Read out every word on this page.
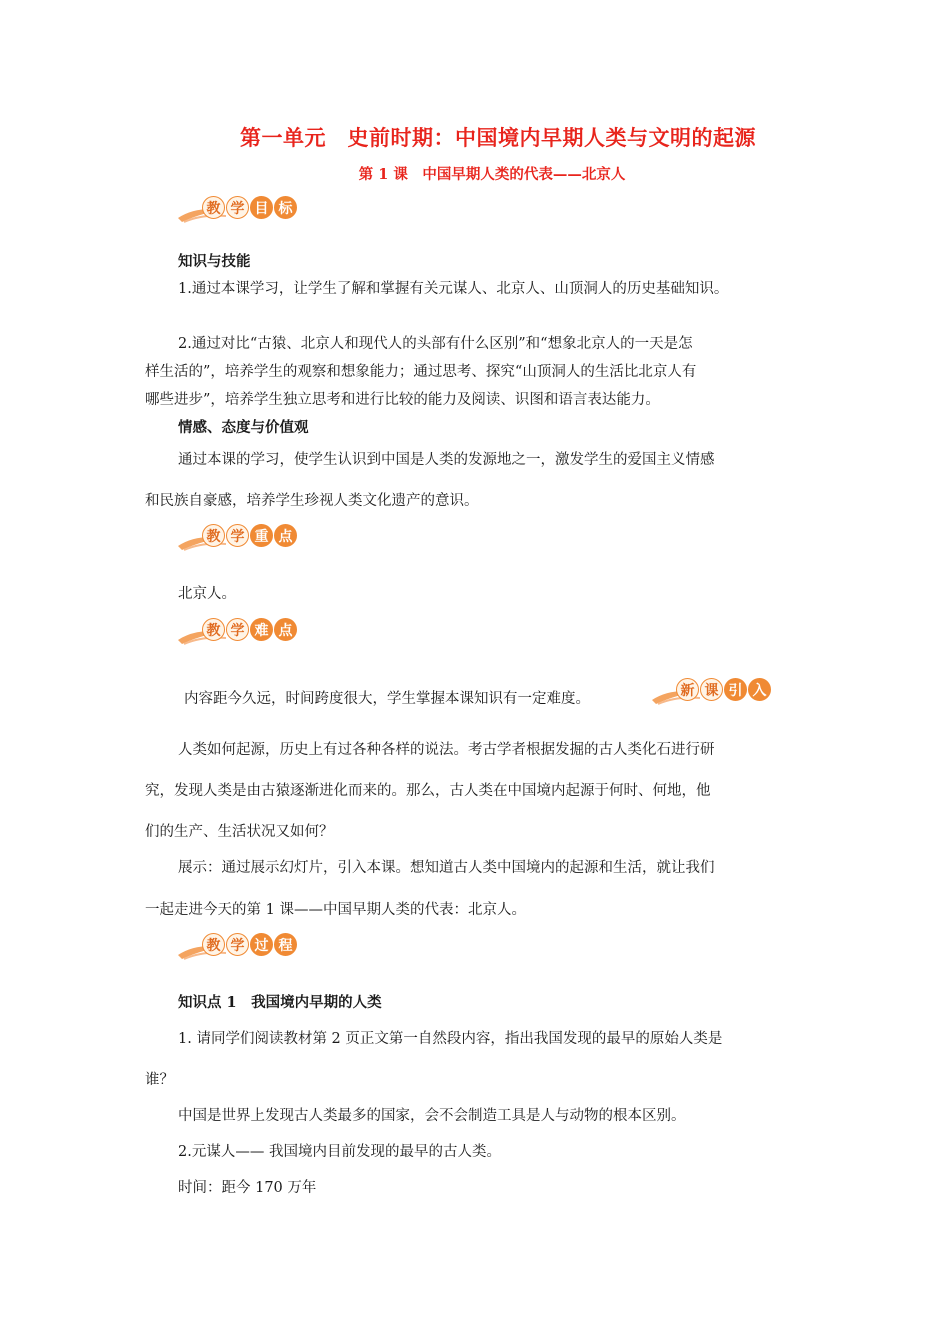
第一单元　史前时期：中国境内早期人类与文明的起源
第 1 课　中国早期人类的代表——北京人
教 学 目 标
知识与技能
1.通过本课学习，让学生了解和掌握有关元谋人、北京人、山顶洞人的历史基础知识。
2.通过对比“古猿、北京人和现代人的头部有什么区别”和“想象北京人的一天是怎
样生活的”，培养学生的观察和想象能力；通过思考、探究“山顶洞人的生活比北京人有
哪些进步”，培养学生独立思考和进行比较的能力及阅读、识图和语言表达能力。
情感、态度与价值观
通过本课的学习，使学生认识到中国是人类的发源地之一，激发学生的爱国主义情感
和民族自豪感，培养学生珍视人类文化遗产的意识。
教 学 重 点
北京人。
教 学 难 点
内容距今久远，时间跨度很大，学生掌握本课知识有一定难度。
新 课 引 入
人类如何起源，历史上有过各种各样的说法。考古学者根据发掘的古人类化石进行研
究，发现人类是由古猿逐渐进化而来的。那么，古人类在中国境内起源于何时、何地，他
们的生产、生活状况又如何？
展示：通过展示幻灯片，引入本课。想知道古人类中国境内的起源和生活，就让我们
一起走进今天的第 1 课——中国早期人类的代表：北京人。
教 学 过 程
知识点 1　我国境内早期的人类
1. 请同学们阅读教材第 2 页正文第一自然段内容，指出我国发现的最早的原始人类是
谁？
中国是世界上发现古人类最多的国家，会不会制造工具是人与动物的根本区别。
2.元谋人—— 我国境内目前发现的最早的古人类。
时间：距今 170 万年
